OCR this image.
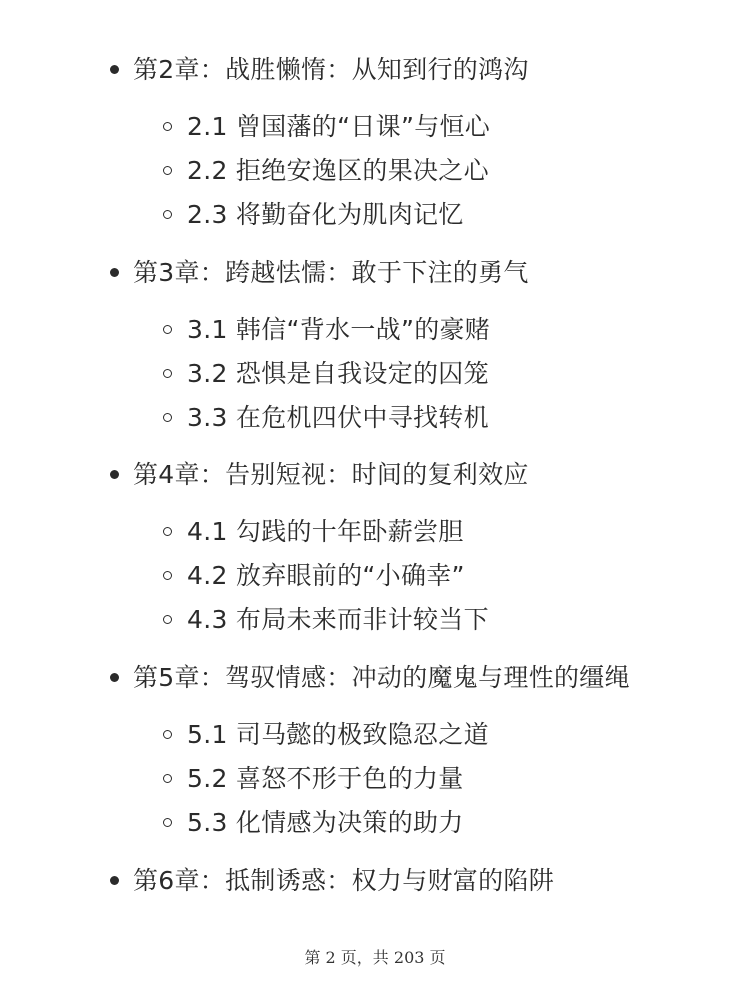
第2章：战胜懒惰：从知到行的鸿沟
2.1 曾国藩的“日课”与恒心
2.2 拒绝安逸区的果决之心
2.3 将勤奋化为肌肉记忆
第3章：跨越怯懦：敢于下注的勇气
3.1 韩信“背水一战”的豪赌
3.2 恐惧是自我设定的囚笼
3.3 在危机四伏中寻找转机
第4章：告别短视：时间的复利效应
4.1 勾践的十年卧薪尝胆
4.2 放弃眼前的“小确幸”
4.3 布局未来而非计较当下
第5章：驾驭情感：冲动的魔鬼与理性的缰绳
5.1 司马懿的极致隐忍之道
5.2 喜怒不形于色的力量
5.3 化情感为决策的助力
第6章：抵制诱惑：权力与财富的陷阱
第 2 页，共 203 页
